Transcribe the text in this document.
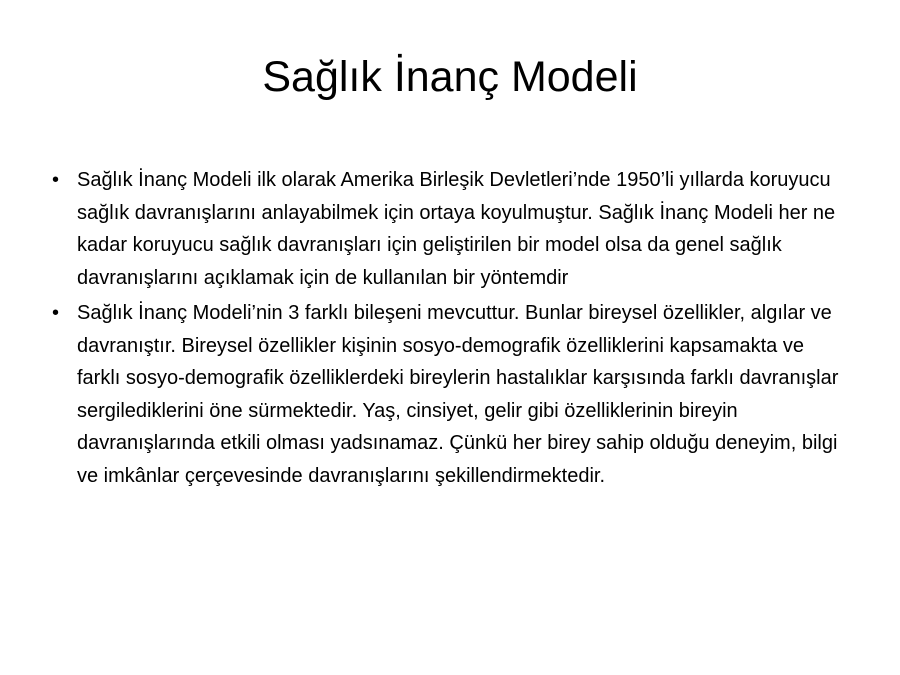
Sağlık İnanç Modeli
• Sağlık İnanç Modeli ilk olarak Amerika Birleşik Devletleri’nde 1950’li yıllarda koruyucu sağlık davranışlarını anlayabilmek için ortaya koyulmuştur. Sağlık İnanç Modeli her ne kadar koruyucu sağlık davranışları için geliştirilen bir model olsa da genel sağlık davranışlarını açıklamak için de kullanılan bir yöntemdir
• Sağlık İnanç Modeli’nin 3 farklı bileşeni mevcuttur. Bunlar bireysel özellikler, algılar ve davranıştır. Bireysel özellikler kişinin sosyo-demografik özelliklerini kapsamakta ve farklı sosyo-demografik özelliklerdeki bireylerin hastalıklar karşısında farklı davranışlar sergilediklerini öne sürmektedir. Yaş, cinsiyet, gelir gibi özelliklerinin bireyin davranışlarında etkili olması yadsınamaz. Çünkü her birey sahip olduğu deneyim, bilgi ve imkânlar çerçevesinde davranışlarını şekillendirmektedir.
